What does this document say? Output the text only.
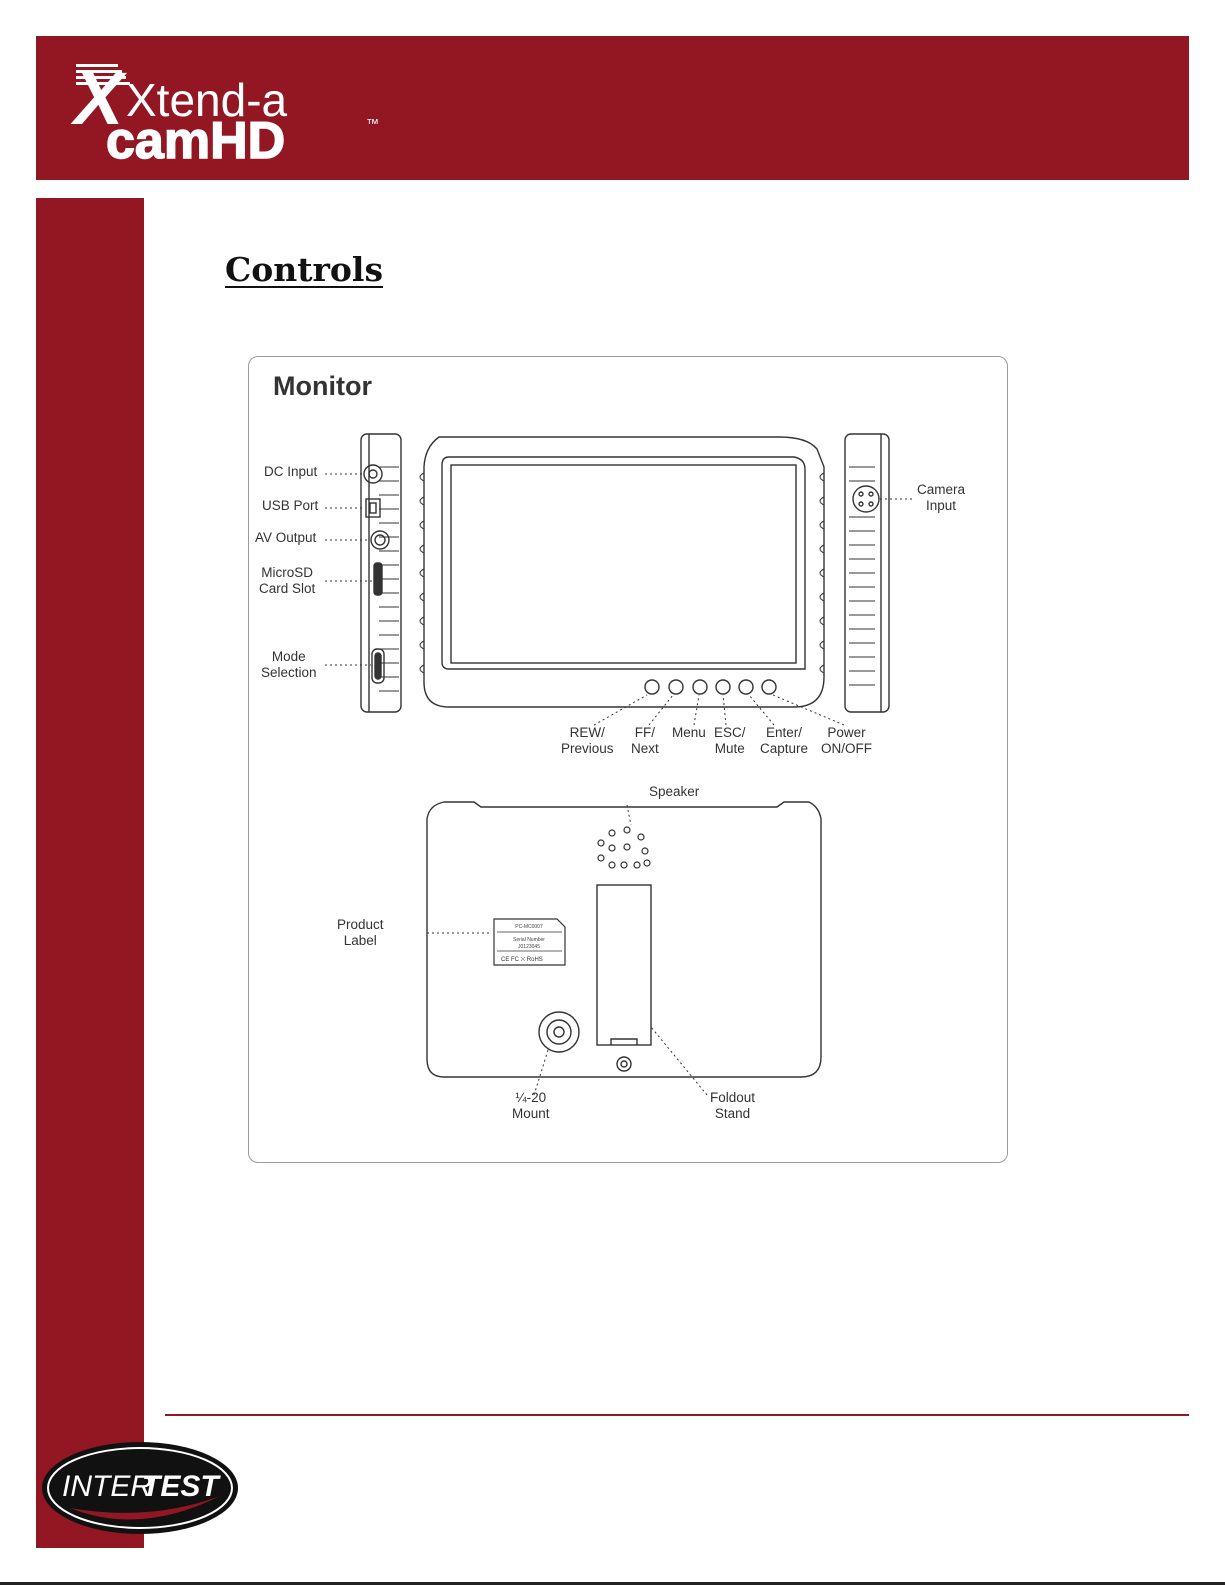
X Xtend-a
camHD	™
Controls
Monitor
PC-MC0007
Serial Number
J0123045
CE FC ⛌ RoHS
DC Input
USB Port
AV Output
MicroSD
Card Slot
Mode
Selection
Camera
Input
REW/
Previous
FF/
Next
Menu ESC/
Mute
Enter/
Capture
Power
ON/OFF
Speaker
Product
Label
¼-20
Mount
Foldout
Stand
INTER
TEST
